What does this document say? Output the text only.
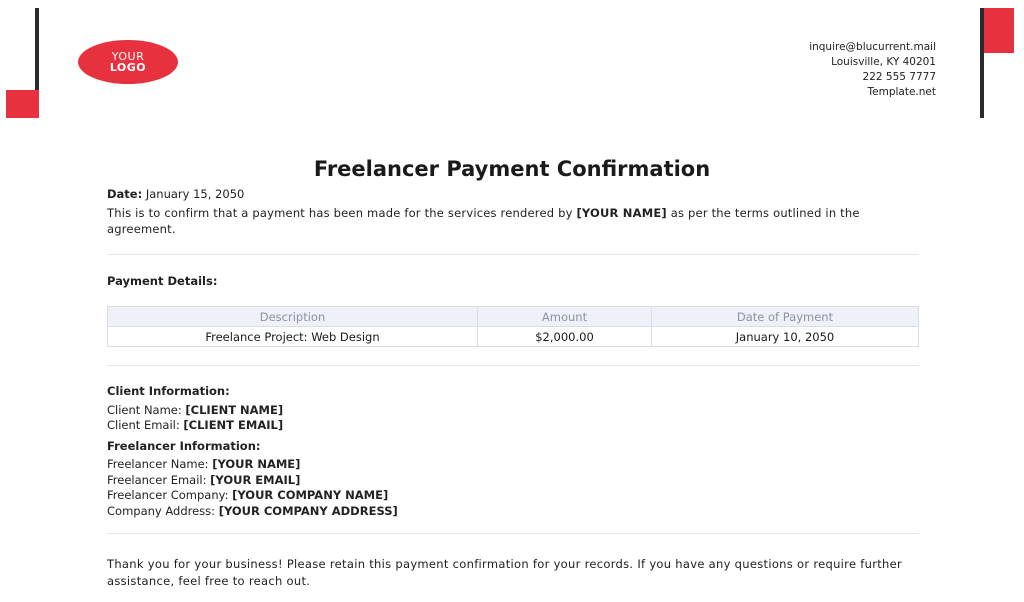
YOUR
LOGO
inquire@blucurrent.mail
Louisville, KY 40201
222 555 7777
Template.net
Freelancer Payment Confirmation
Date: January 15, 2050
This is to confirm that a payment has been made for the services rendered by [YOUR NAME] as per the terms outlined in the agreement.
Payment Details:
Description	Amount	Date of Payment
Freelance Project: Web Design	$2,000.00	January 10, 2050
Client Information:
Client Name: [CLIENT NAME]
Client Email: [CLIENT EMAIL]
Freelancer Information:
Freelancer Name: [YOUR NAME]
Freelancer Email: [YOUR EMAIL]
Freelancer Company: [YOUR COMPANY NAME]
Company Address: [YOUR COMPANY ADDRESS]
Thank you for your business! Please retain this payment confirmation for your records. If you have any questions or require further assistance, feel free to reach out.
